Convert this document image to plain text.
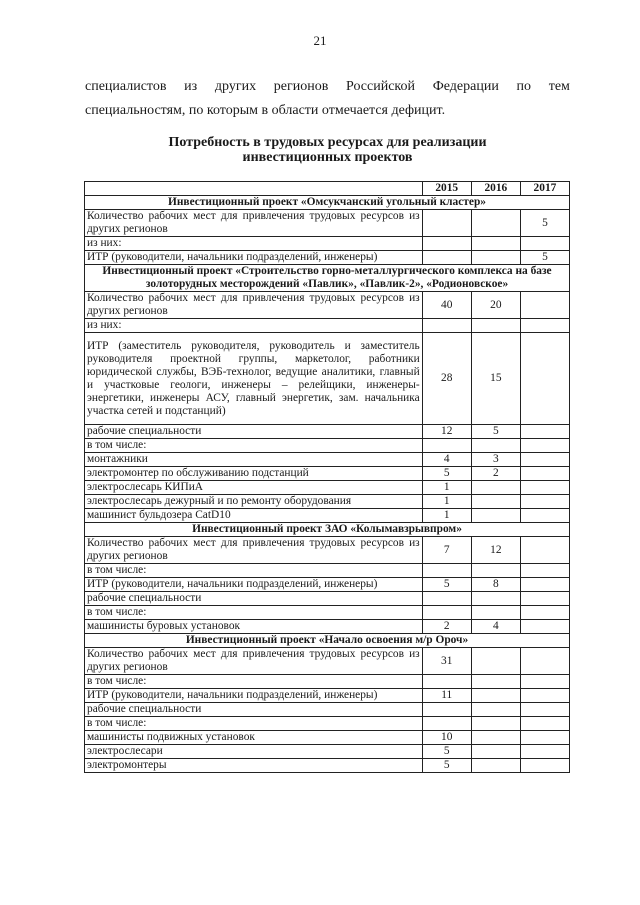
21
специалистов из других регионов Российской Федерации по тем
специальностям, по которым в области отмечается дефицит.
Потребность в трудовых ресурсах для реализации
инвестиционных проектов
	2015	2016	2017
Инвестиционный проект «Омсукчанский угольный кластер»			
Количество рабочих мест для привлечения трудовых ресурсов из других регионов			5
из них:			
ИТР (руководители, начальники подразделений, инженеры)			5
Инвестиционный проект «Строительство горно-металлургического комплекса на базе золоторудных месторождений «Павлик», «Павлик-2», «Родионовское»			
Количество рабочих мест для привлечения трудовых ресурсов из других регионов	40	20	
из них:			
ИТР (заместитель руководителя, руководитель и заместитель руководителя проектной группы, маркетолог, работники юридической службы, ВЭБ-технолог, ведущие аналитики, главный и участковые геологи, инженеры – релейщики, инженеры-энергетики, инженеры АСУ, главный энергетик, зам. начальника участка сетей и подстанций)	28	15	
рабочие специальности	12	5	
в том числе:			
монтажники	4	3	
электромонтер по обслуживанию подстанций	5	2	
электрослесарь КИПиА	1		
электрослесарь дежурный и по ремонту оборудования	1		
машинист бульдозера CatD10	1		
Инвестиционный проект ЗАО «Колымавзрывпром»			
Количество рабочих мест для привлечения трудовых ресурсов из других регионов	7	12	
в том числе:			
ИТР (руководители, начальники подразделений, инженеры)	5	8	
рабочие специальности			
в том числе:			
машинисты буровых установок	2	4	
Инвестиционный проект «Начало освоения м/р Ороч»			
Количество рабочих мест для привлечения трудовых ресурсов из других регионов	31		
в том числе:			
ИТР (руководители, начальники подразделений, инженеры)	11		
рабочие специальности			
в том числе:			
машинисты подвижных установок	10		
электрослесари	5		
электромонтеры	5		
